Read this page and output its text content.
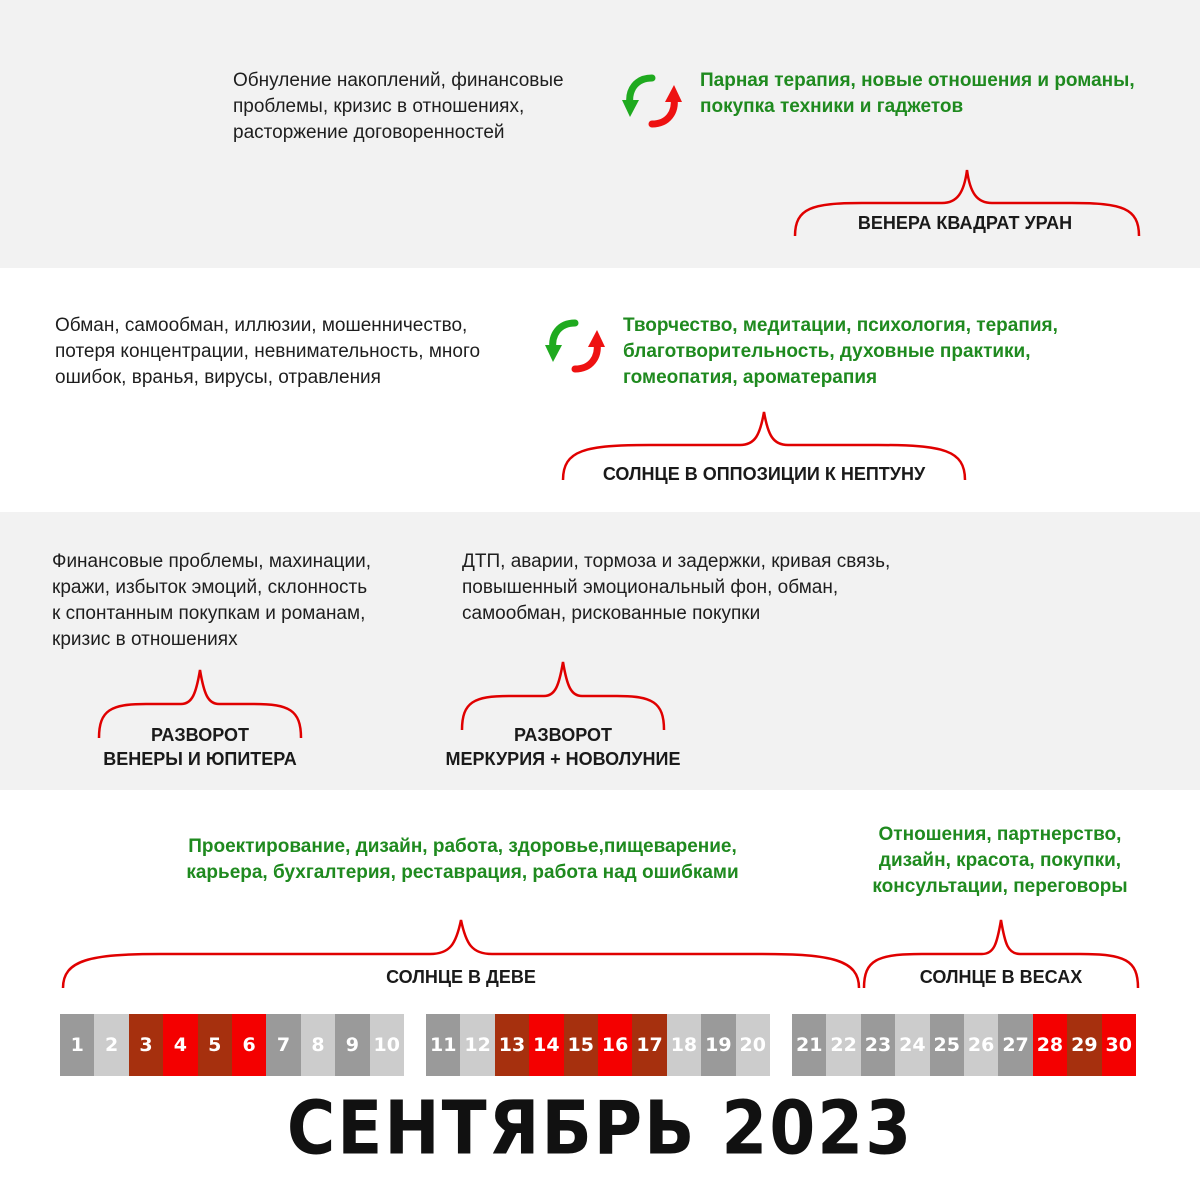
Обнуление накоплений, финансовые
проблемы, кризис в отношениях,
расторжение договоренностей
Парная терапия, новые отношения и романы,
покупка техники и гаджетов
ВЕНЕРА КВАДРАТ УРАН
Обман, самообман, иллюзии, мошенничество,
потеря концентрации, невнимательность, много
ошибок, вранья, вирусы, отравления
Творчество, медитации, психология, терапия,
благотворительность, духовные практики,
гомеопатия, ароматерапия
СОЛНЦЕ В ОППОЗИЦИИ К НЕПТУНУ
Финансовые проблемы, махинации,
кражи, избыток эмоций, склонность
к спонтанным покупкам и романам,
кризис в отношениях
ДТП, аварии, тормоза и задержки, кривая связь,
повышенный эмоциональный фон, обман,
самообман, рискованные покупки
РАЗВОРОТ
ВЕНЕРЫ И ЮПИТЕРА
РАЗВОРОТ
МЕРКУРИЯ + НОВОЛУНИЕ
Проектирование, дизайн, работа, здоровье,пищеварение,
карьера, бухгалтерия, реставрация, работа над ошибками
Отношения, партнерство,
дизайн, красота, покупки,
консультации, переговоры
СОЛНЦЕ В ДЕВЕ	СОЛНЦЕ В ВЕСАХ
1	2	3	4	5	6	7	8	9 10 11 12 13 14 15 16 17 18 19 20 21 22 23 24 25 26 27 28 29 30
СЕНТЯБРЬ 2023
